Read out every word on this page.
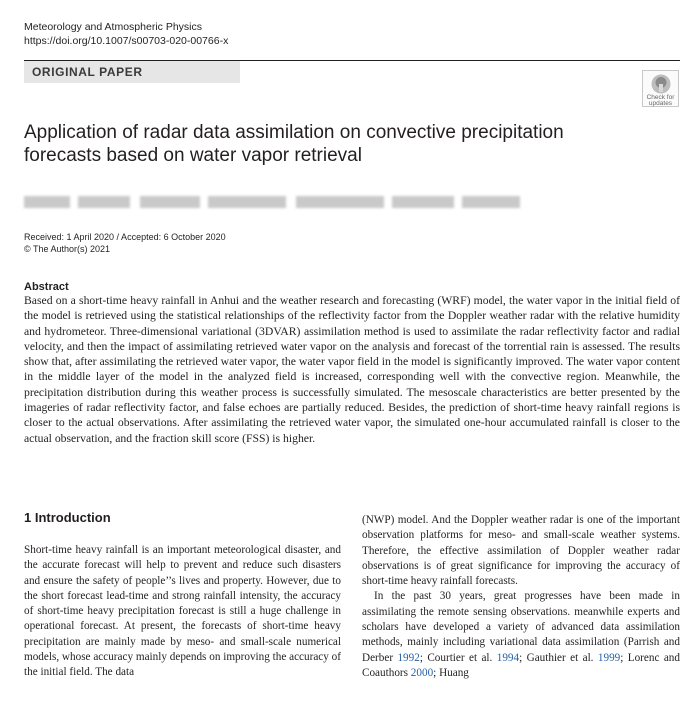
Meteorology and Atmospheric Physics
https://doi.org/10.1007/s00703-020-00766-x
ORIGINAL PAPER
Check for
updates
Application of radar data assimilation on convective precipitation forecasts based on water vapor retrieval
Received: 1 April 2020 / Accepted: 6 October 2020
© The Author(s) 2021
Abstract

Based on a short-time heavy rainfall in Anhui and the weather research and forecasting (WRF) model, the water vapor in the initial field of the model is retrieved using the statistical relationships of the reflectivity factor from the Doppler weather radar with the relative humidity and hydrometeor. Three-dimensional variational (3DVAR) assimilation method is used to assimilate the radar reflectivity factor and radial velocity, and then the impact of assimilating retrieved water vapor on the analysis and forecast of the torrential rain is assessed. The results show that, after assimilating the retrieved water vapor, the water vapor field in the model is significantly improved. The water vapor content in the middle layer of the model in the analyzed field is increased, corresponding well with the convective region. Meanwhile, the precipitation distribution during this weather process is successfully simulated. The mesoscale characteristics are better presented by the imageries of radar reflectivity factor, and false echoes are partially reduced. Besides, the prediction of short-time heavy rainfall regions is closer to the actual observations. After assimilating the retrieved water vapor, the simulated one-hour accumulated rainfall is closer to the actual observation, and the fraction skill score (FSS) is higher.

1 Introduction

Short-time heavy rainfall is an important meteorological disaster, and the accurate forecast will help to prevent and reduce such disasters and ensure the safety of people’’s lives and property. However, due to the short forecast lead-time and strong rainfall intensity, the accuracy of short-time heavy precipitation forecast is still a huge challenge in operational forecast. At present, the forecasts of short-time heavy precipitation are mainly made by meso- and small-scale numerical models, whose accuracy mainly depends on improving the accuracy of the initial field. The data

(NWP) model. And the Doppler weather radar is one of the important observation platforms for meso- and small-scale weather systems. Therefore, the effective assimilation of Doppler weather radar observations is of great significance for improving the accuracy of short-time heavy rainfall forecasts.

In the past 30 years, great progresses have been made in assimilating the remote sensing observations. meanwhile experts and scholars have developed a variety of advanced data assimilation methods, mainly including variational data assimilation (Parrish and Derber 1992; Courtier et al. 1994; Gauthier et al. 1999; Lorenc and Coauthors 2000; Huang
